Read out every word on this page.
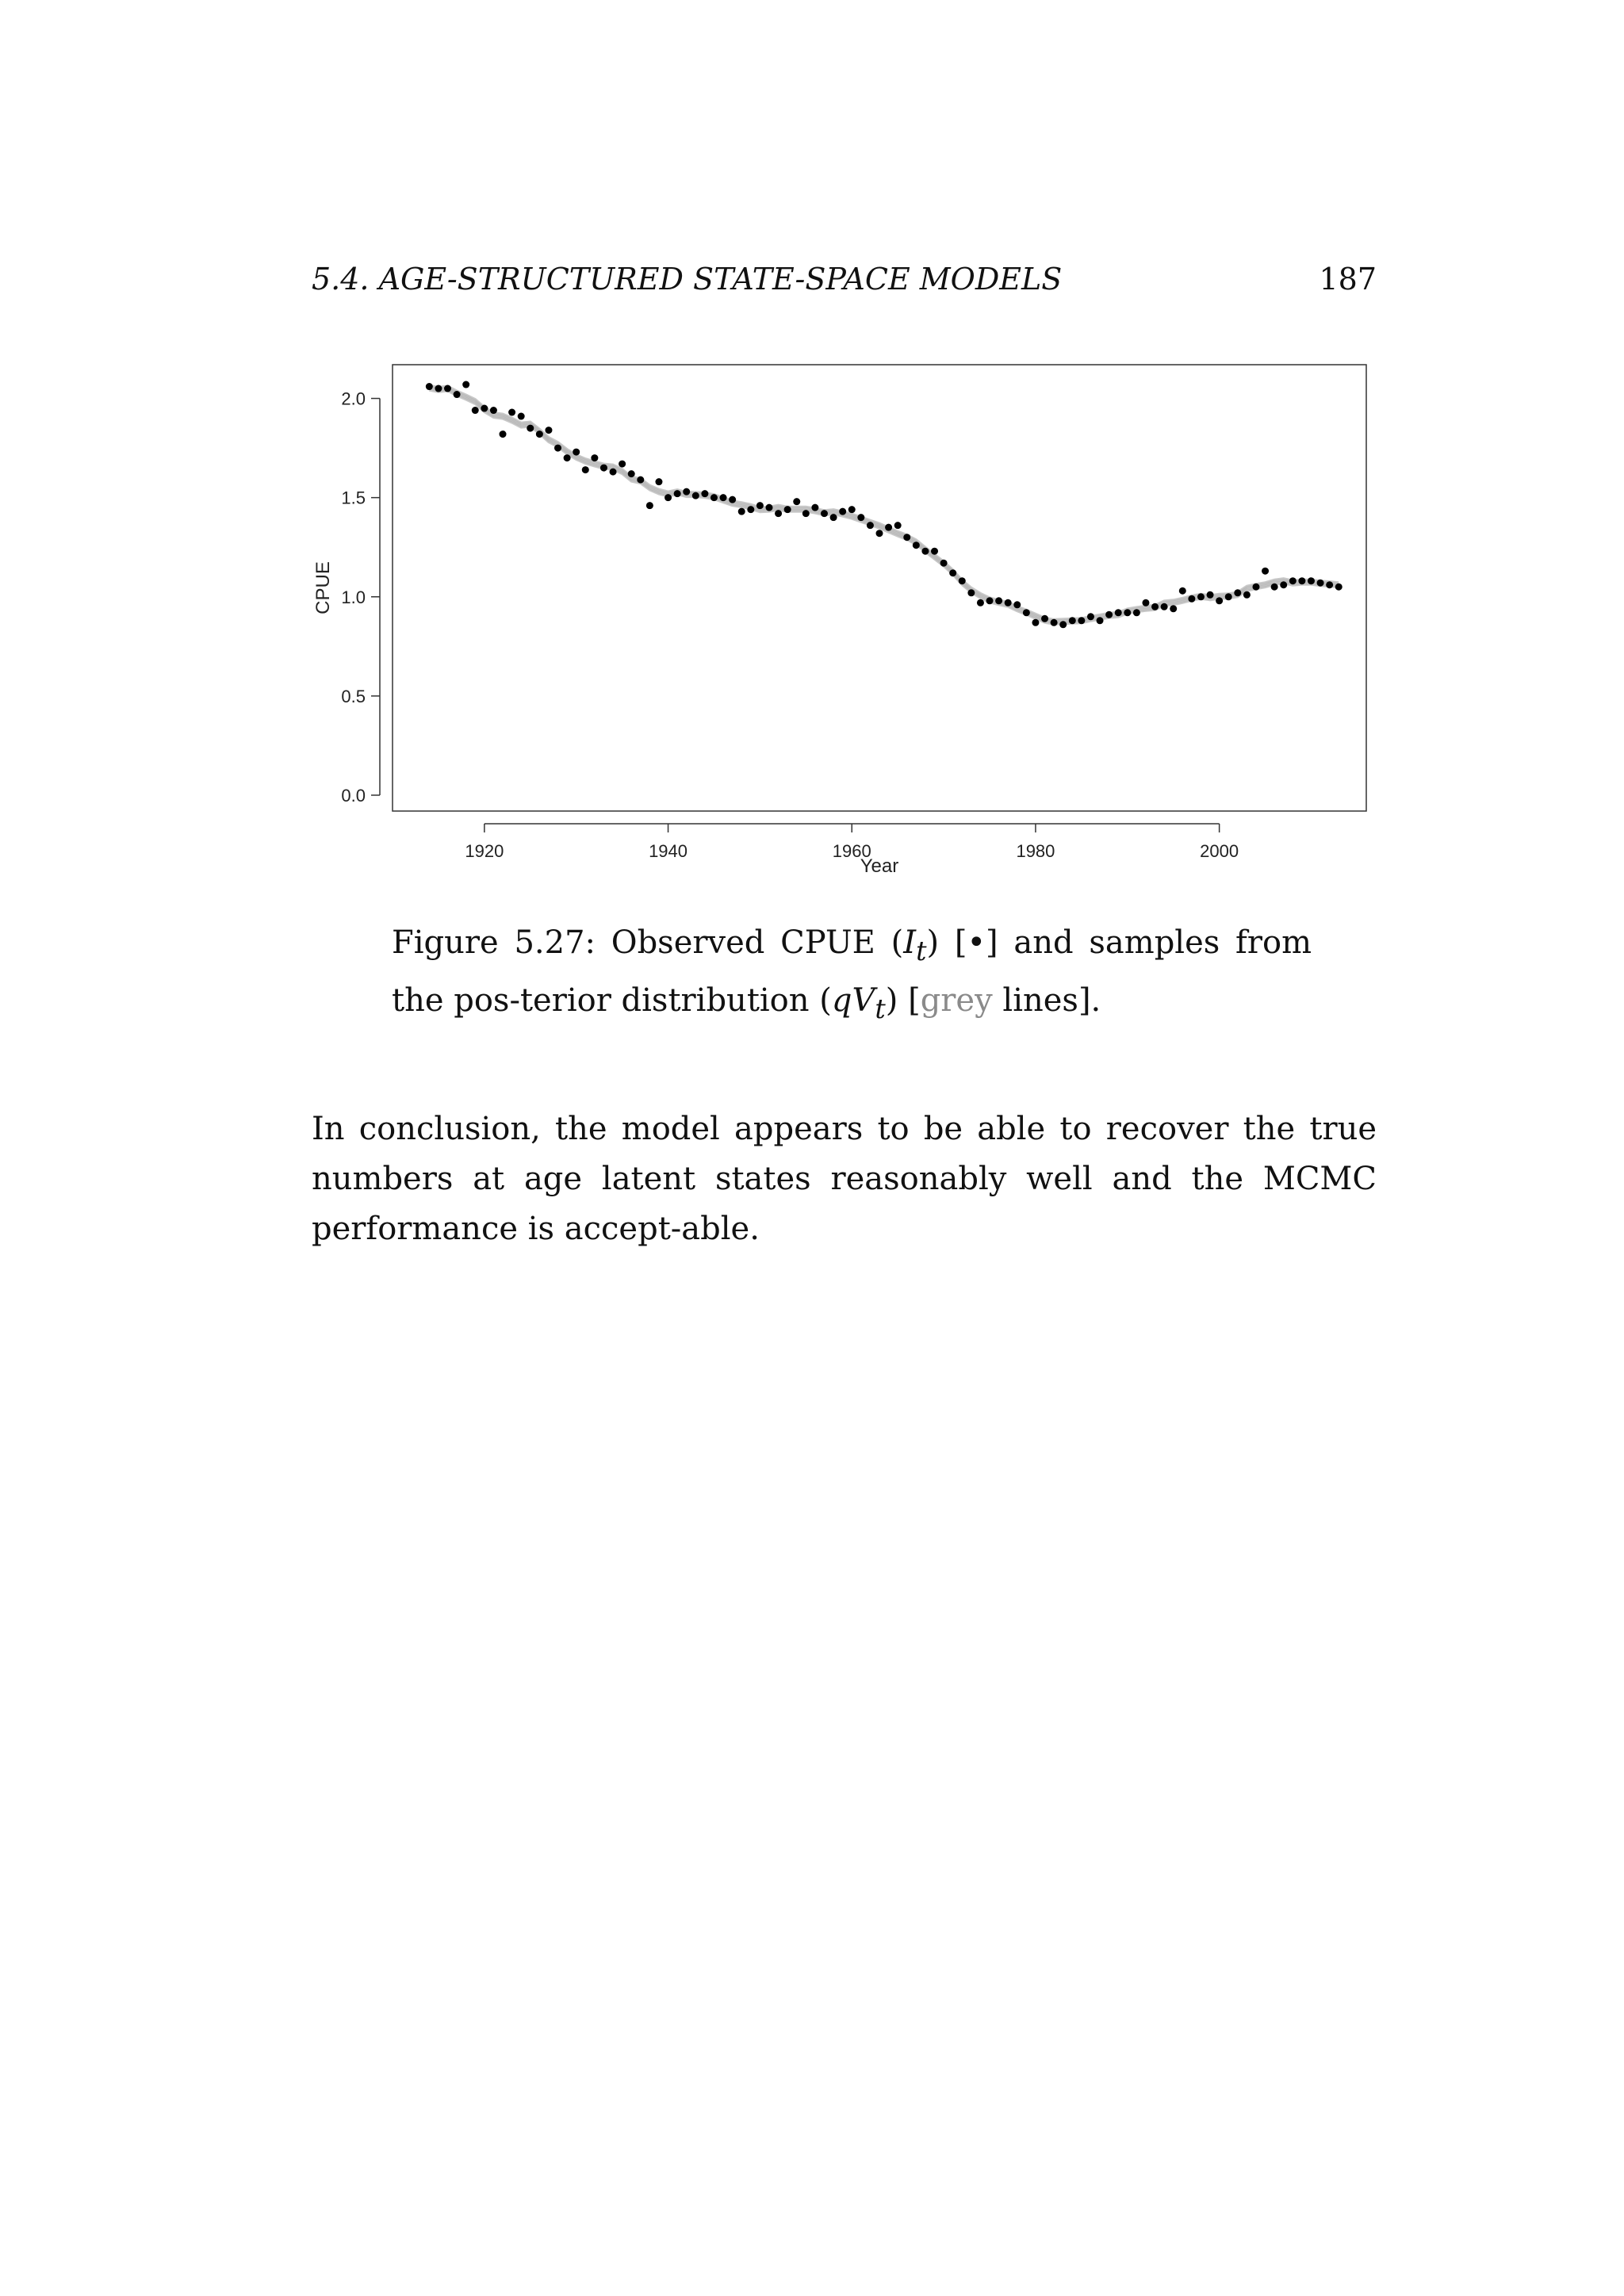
5.4. AGE-STRUCTURED STATE-SPACE MODELS	187
0.0
0.5
1.0
1.5
2.0
1920	1940	1960	1980	2000
Year
CPUE
Figure 5.27: Observed CPUE $(I_t)$ [•] and samples from the pos-terior distribution $(qV_t)$ [grey lines].
In conclusion, the model appears to be able to recover the true numbers at age latent states reasonably well and the MCMC performance is accept-able.
